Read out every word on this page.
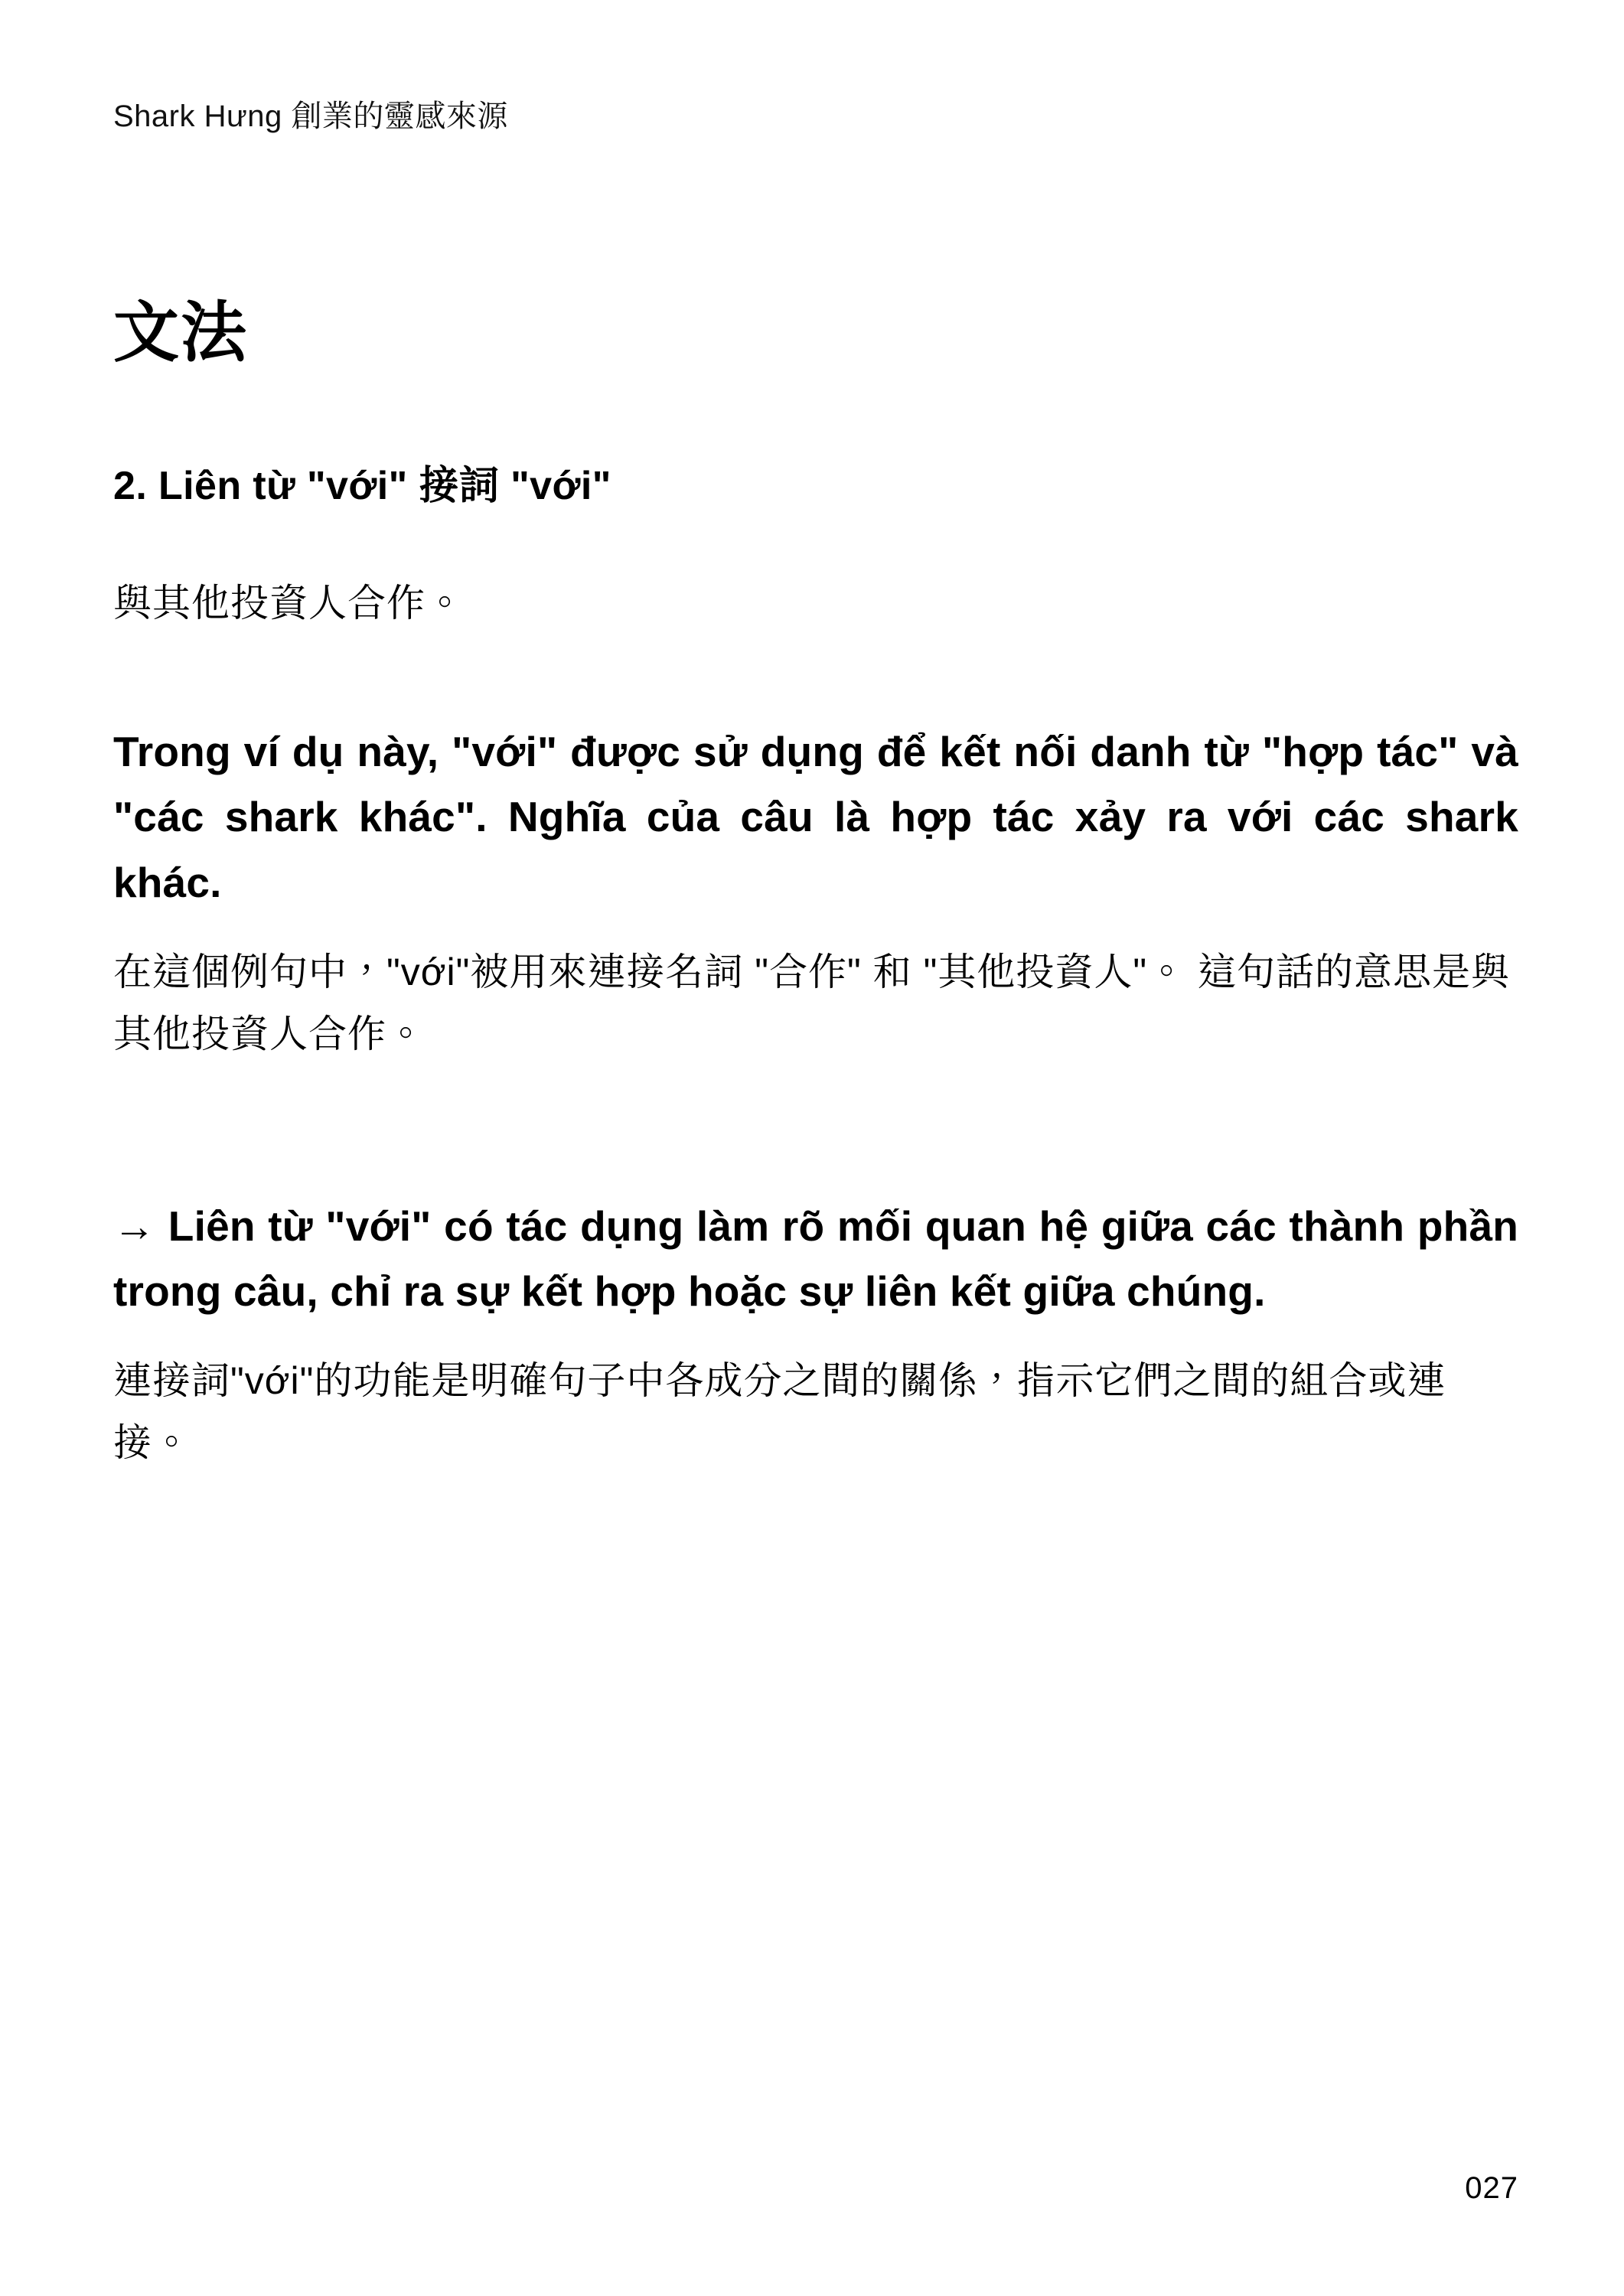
Shark Hưng 創業的靈感來源
文法
2. Liên từ "với" 接詞 "với"

與其他投資人合作。

Trong ví dụ này, "với" được sử dụng để kết nối danh từ "hợp tác" và "các shark khác". Nghĩa của câu là hợp tác xảy ra với các shark khác.

在這個例句中，"với"被用來連接名詞 "合作" 和 "其他投資人"。 這句話的意思是與其他投資人合作。

→ Liên từ "với" có tác dụng làm rõ mối quan hệ giữa các thành phần trong câu, chỉ ra sự kết hợp hoặc sự liên kết giữa chúng.

連接詞"với"的功能是明確句子中各成分之間的關係，指示它們之間的組合或連接。

027
